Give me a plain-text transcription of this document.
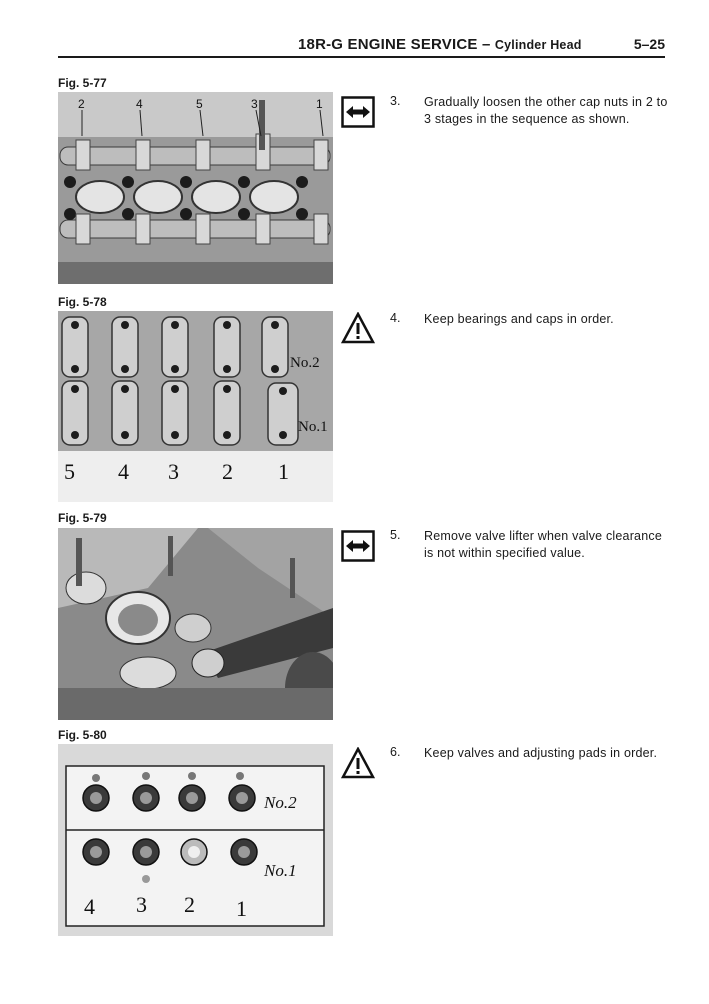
18R-G ENGINE SERVICE – Cylinder Head	5–25
Fig. 5-77
2	4	5	3	1	3. Gradually loosen the other cap nuts in 2 to 3 stages in the sequence as shown.
Fig. 5-78
No.2
No.1
5 4 3 2 1
4. Keep bearings and caps in order.
Fig. 5-79
5. Remove valve lifter when valve clearance is not within specified value.
Fig. 5-80
No.2
No.1
4 3 2 1
6. Keep valves and adjusting pads in order.
